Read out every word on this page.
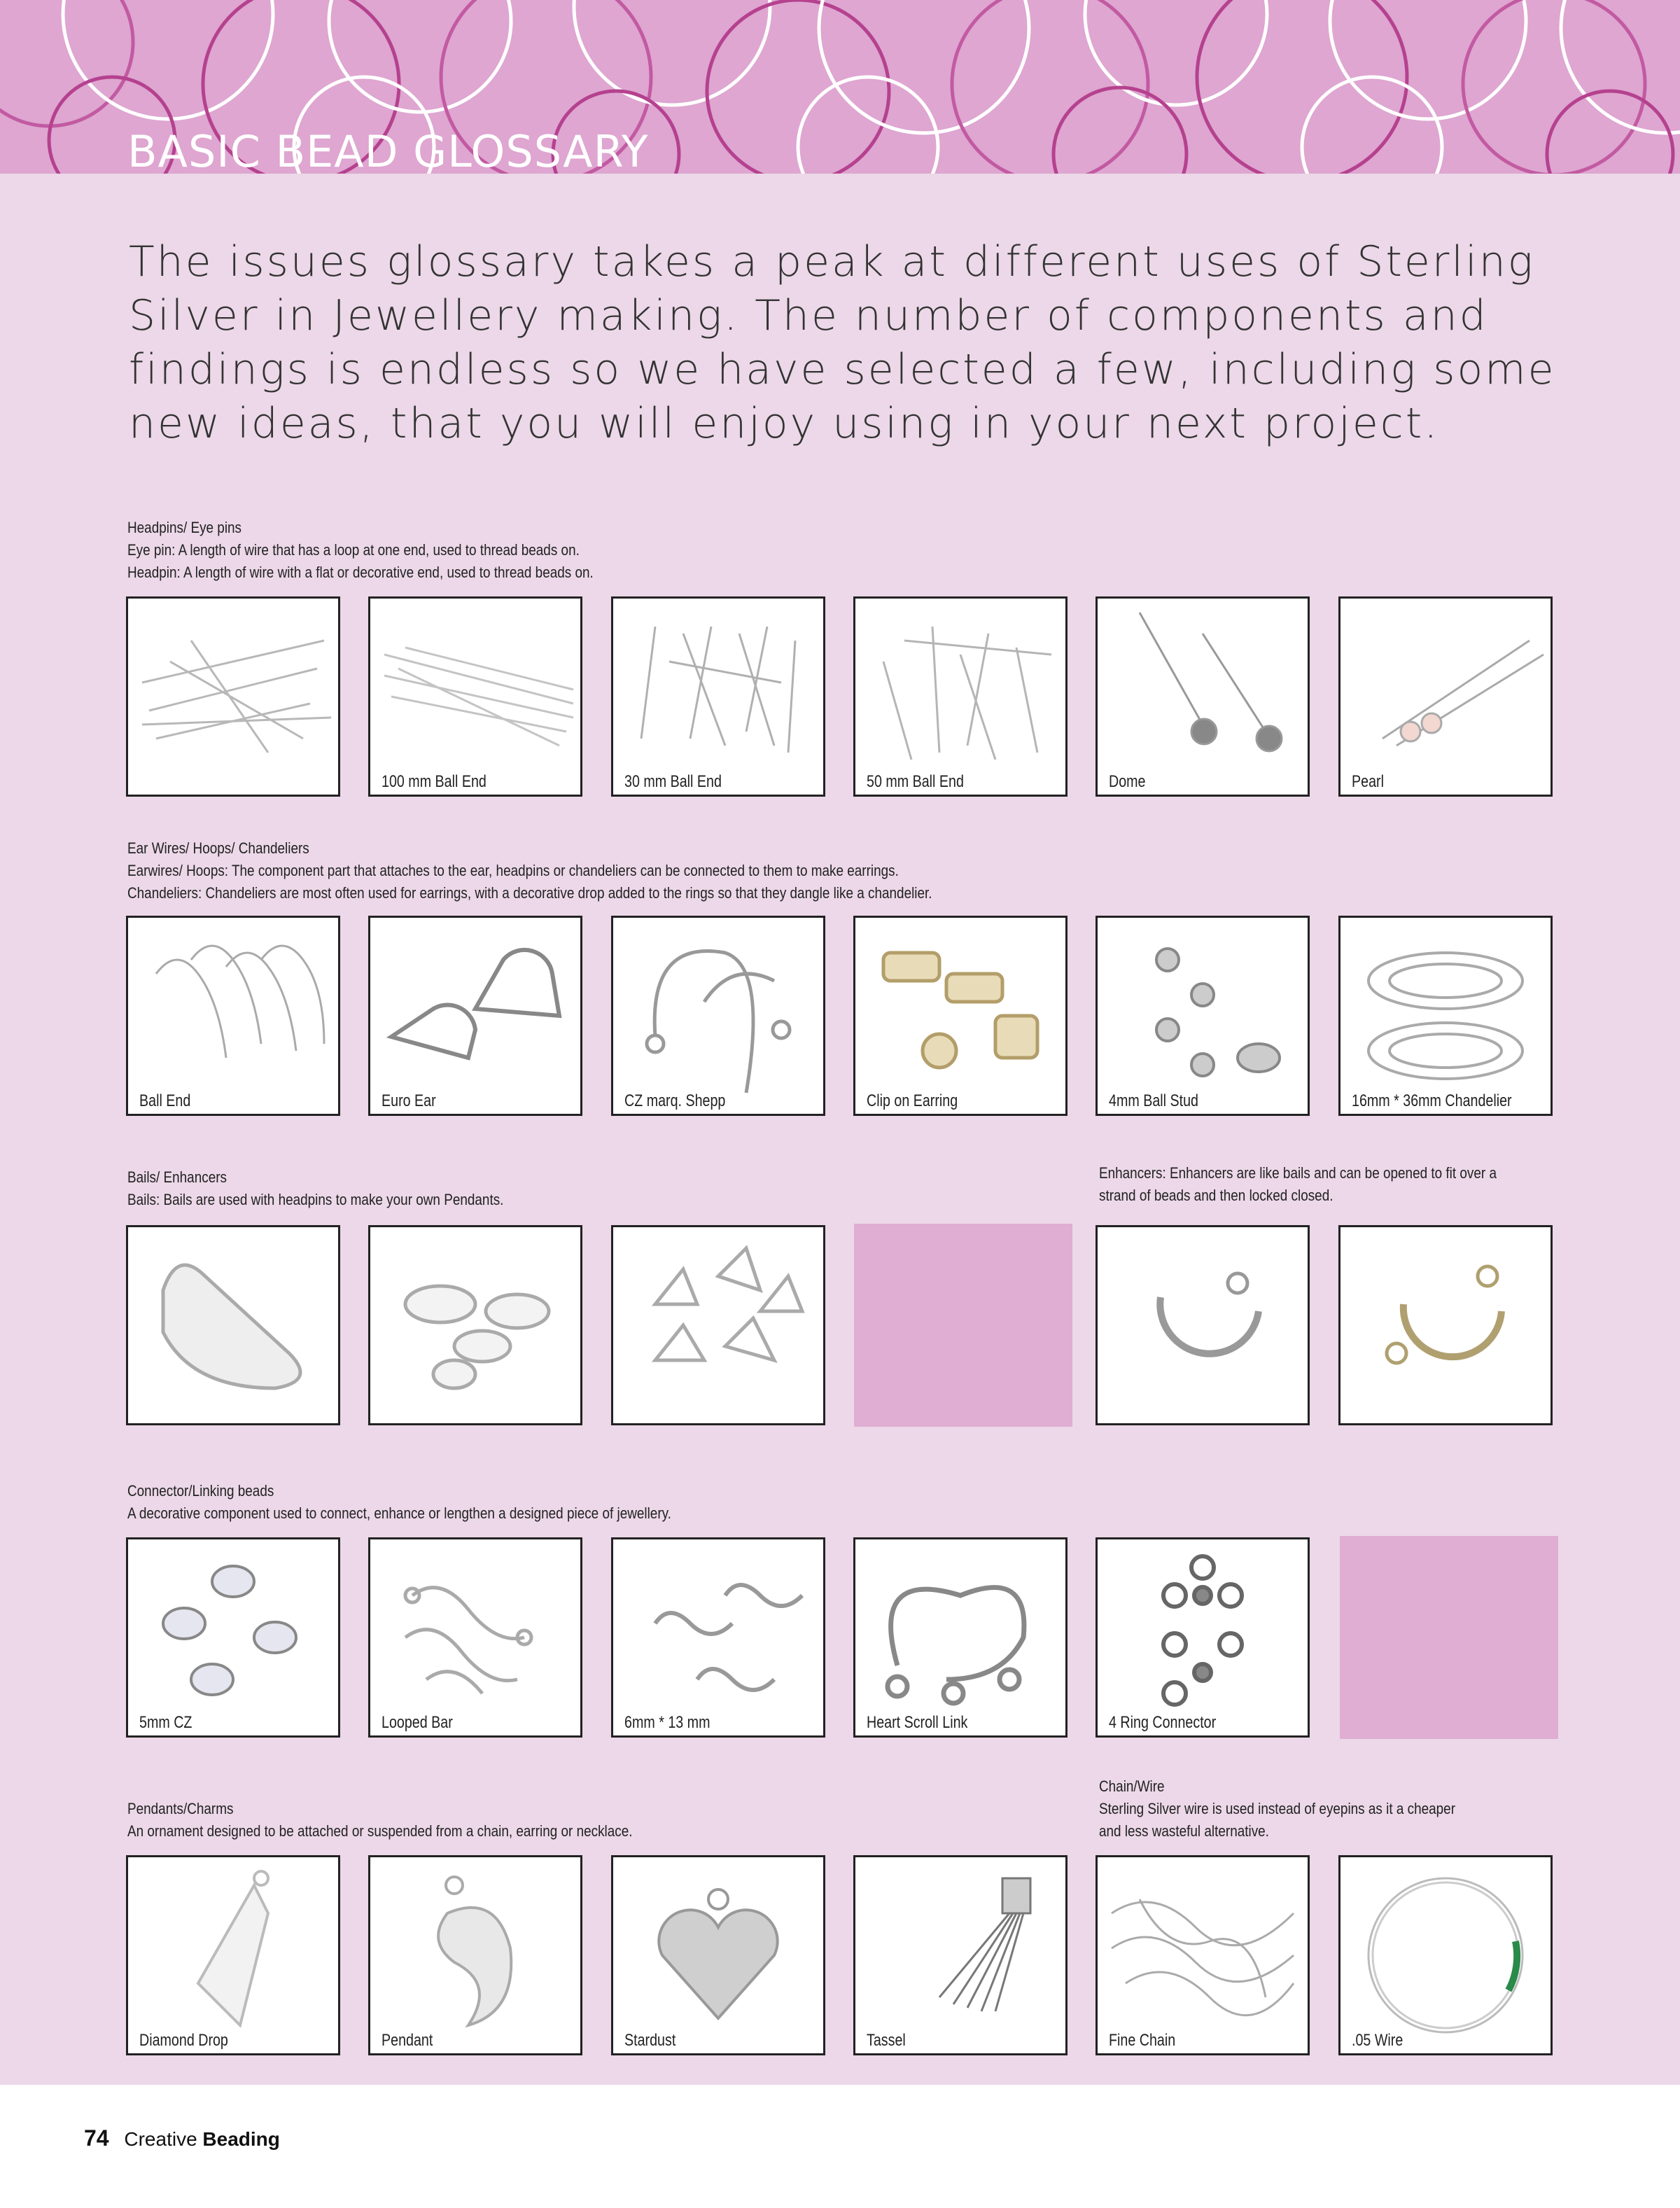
BASIC BEAD GLOSSARY
The issues glossary takes a peak at different uses of Sterling Silver in Jewellery making. The number of components and findings is endless so we have selected a few, including some new ideas, that you will enjoy using in your next project.
Headpins/ Eye pins
Eye pin: A length of wire that has a loop at one end, used to thread beads on.
Headpin: A length of wire with a flat or decorative end, used to thread beads on.
100 mm Ball End	30 mm Ball End	50 mm Ball End	Dome	Pearl
Ear Wires/ Hoops/ Chandeliers
Earwires/ Hoops: The component part that attaches to the ear, headpins or chandeliers can be connected to them to make earrings.
Chandeliers: Chandeliers are most often used for earrings, with a decorative drop added to the rings so that they dangle like a chandelier.
Ball End	Euro Ear	CZ marq. Shepp	Clip on Earring	4mm Ball Stud	16mm * 36mm Chandelier
Bails/ Enhancers
Bails: Bails are used with headpins to make your own Pendants.
Enhancers: Enhancers are like bails and can be opened to fit over a
strand of beads and then locked closed.
Connector/Linking beads
A decorative component used to connect, enhance or lengthen a designed piece of jewellery.
5mm CZ	Looped Bar	6mm * 13 mm	Heart Scroll Link	4 Ring Connector
Pendants/Charms
An ornament designed to be attached or suspended from a chain, earring or necklace.
Chain/Wire
Sterling Silver wire is used instead of eyepins as it a cheaper
and less wasteful alternative.
Diamond Drop	Pendant	Stardust	Tassel	Fine Chain	.05 Wire
74 Creative Beading
